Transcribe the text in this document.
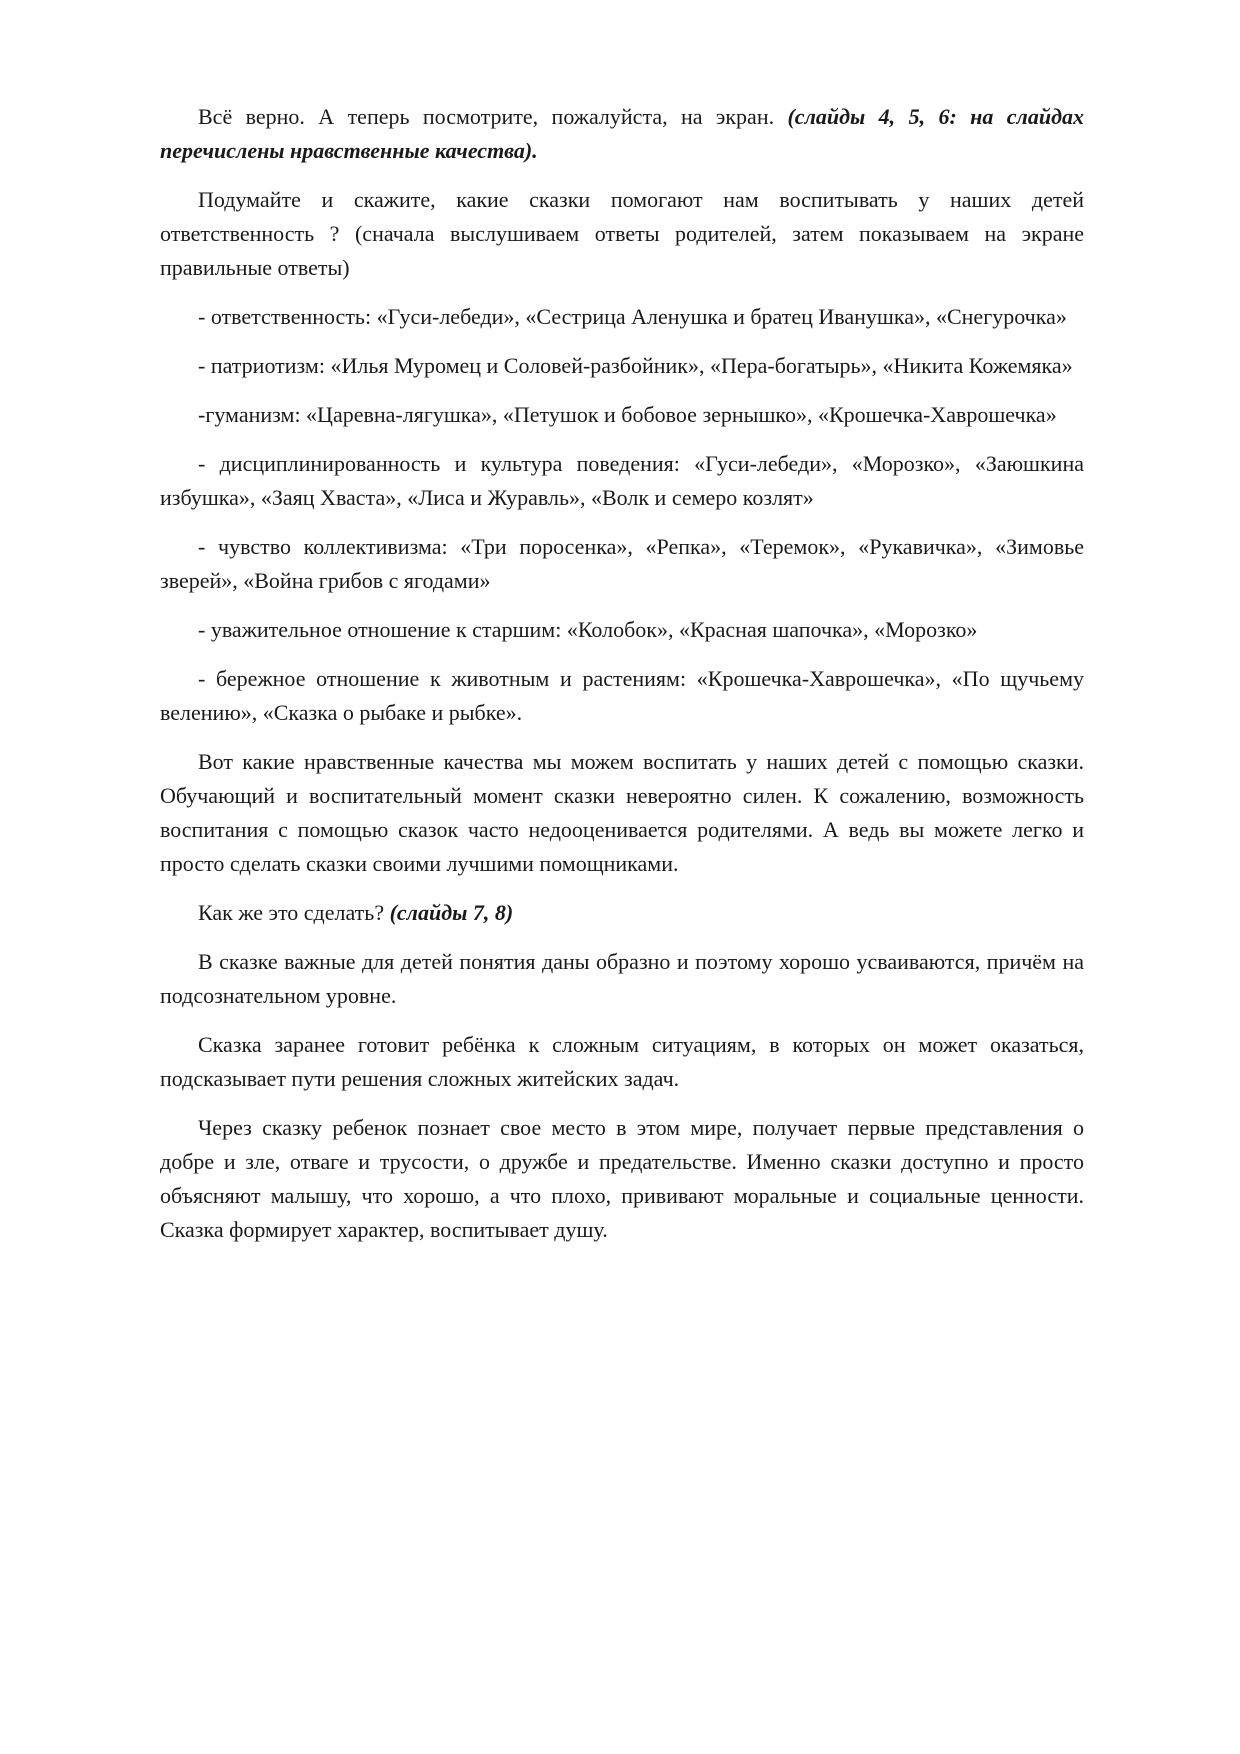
Всё верно. А теперь посмотрите, пожалуйста, на экран. (слайды 4, 5, 6: на слайдах перечислены нравственные качества).

Подумайте и скажите, какие сказки помогают нам воспитывать у наших детей ответственность ? (сначала выслушиваем ответы родителей, затем показываем на экране правильные ответы)

- ответственность: «Гуси-лебеди», «Сестрица Аленушка и братец Иванушка», «Снегурочка»

- патриотизм: «Илья Муромец и Соловей-разбойник», «Пера-богатырь», «Никита Кожемяка»

-гуманизм: «Царевна-лягушка», «Петушок и бобовое зернышко», «Крошечка-Хаврошечка»

- дисциплинированность и культура поведения: «Гуси-лебеди», «Морозко», «Заюшкина избушка», «Заяц Хваста», «Лиса и Журавль», «Волк и семеро козлят»

- чувство коллективизма: «Три поросенка», «Репка», «Теремок», «Рукавичка», «Зимовье зверей», «Война грибов с ягодами»

- уважительное отношение к старшим: «Колобок», «Красная шапочка», «Морозко»

- бережное отношение к животным и растениям: «Крошечка-Хаврошечка», «По щучьему велению», «Сказка о рыбаке и рыбке».

Вот какие нравственные качества мы можем воспитать у наших детей с помощью сказки. Обучающий и воспитательный момент сказки невероятно силен. К сожалению, возможность воспитания с помощью сказок часто недооценивается родителями. А ведь вы можете легко и просто сделать сказки своими лучшими помощниками.

Как же это сделать? (слайды 7, 8)

В сказке важные для детей понятия даны образно и поэтому хорошо усваиваются, причём на подсознательном уровне.

Сказка заранее готовит ребёнка к сложным ситуациям, в которых он может оказаться, подсказывает пути решения сложных житейских задач.

Через сказку ребенок познает свое место в этом мире, получает первые представления о добре и зле, отваге и трусости, о дружбе и предательстве. Именно сказки доступно и просто объясняют малышу, что хорошо, а что плохо, прививают моральные и социальные ценности. Сказка формирует характер, воспитывает душу.
